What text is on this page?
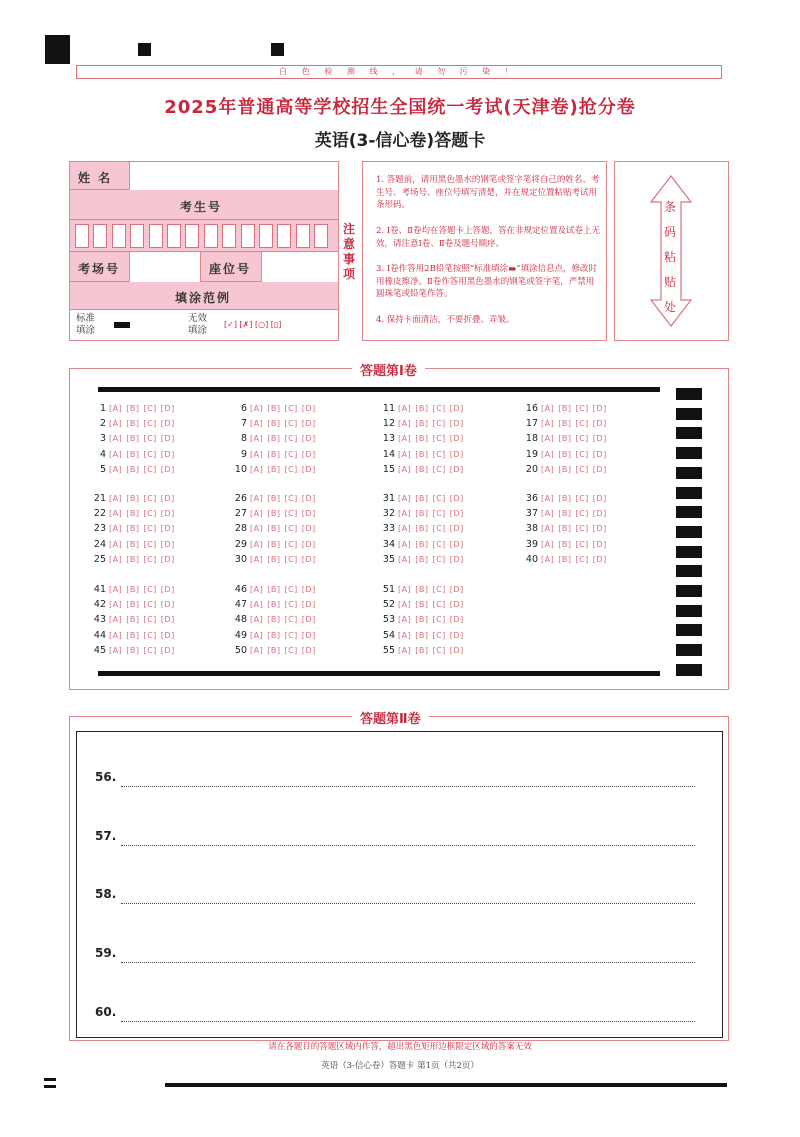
白 色 检 测 线 ， 请 勿 污 染 ！
2025年普通高等学校招生全国统一考试(天津卷)抢分卷
英语(3-信心卷)答题卡
姓 名
考生号
考场号	座位号
填涂范例
标准填涂
无效填涂
[✓] [✗] [○] [▯]
注意事项
1. 答题前，请用黑色墨水的钢笔或签字笔将自己的姓名、考生号、考场号、座位号填写清楚，并在规定位置粘贴考试用条形码。
2. Ⅰ卷、Ⅱ卷均在答题卡上答题，答在非规定位置及试卷上无效，请注意Ⅰ卷、Ⅱ卷及题号顺序。
3. Ⅰ卷作答用2B铅笔按照“标准填涂▬”填涂信息点，修改时用橡皮擦净。Ⅱ卷作答用黑色墨水的钢笔或签字笔，严禁用圆珠笔或铅笔作答。
4. 保持卡面清洁，不要折叠、弄皱。
条码粘贴处
答题第Ⅰ卷
1 [A] [B] [C] [D]
2 [A] [B] [C] [D]
3 [A] [B] [C] [D]
4 [A] [B] [C] [D]
5 [A] [B] [C] [D]
6 [A] [B] [C] [D]
7 [A] [B] [C] [D]
8 [A] [B] [C] [D]
9 [A] [B] [C] [D]
10 [A] [B] [C] [D]
11 [A] [B] [C] [D]
12 [A] [B] [C] [D]
13 [A] [B] [C] [D]
14 [A] [B] [C] [D]
15 [A] [B] [C] [D]
16 [A] [B] [C] [D]
17 [A] [B] [C] [D]
18 [A] [B] [C] [D]
19 [A] [B] [C] [D]
20 [A] [B] [C] [D]
21 [A] [B] [C] [D]
22 [A] [B] [C] [D]
23 [A] [B] [C] [D]
24 [A] [B] [C] [D]
25 [A] [B] [C] [D]
26 [A] [B] [C] [D]
27 [A] [B] [C] [D]
28 [A] [B] [C] [D]
29 [A] [B] [C] [D]
30 [A] [B] [C] [D]
31 [A] [B] [C] [D]
32 [A] [B] [C] [D]
33 [A] [B] [C] [D]
34 [A] [B] [C] [D]
35 [A] [B] [C] [D]
36 [A] [B] [C] [D]
37 [A] [B] [C] [D]
38 [A] [B] [C] [D]
39 [A] [B] [C] [D]
40 [A] [B] [C] [D]
41 [A] [B] [C] [D]
42 [A] [B] [C] [D]
43 [A] [B] [C] [D]
44 [A] [B] [C] [D]
45 [A] [B] [C] [D]
46 [A] [B] [C] [D]
47 [A] [B] [C] [D]
48 [A] [B] [C] [D]
49 [A] [B] [C] [D]
50 [A] [B] [C] [D]
51 [A] [B] [C] [D]
52 [A] [B] [C] [D]
53 [A] [B] [C] [D]
54 [A] [B] [C] [D]
55 [A] [B] [C] [D]
答题第Ⅱ卷
56.
57.
58.
59.
60.
请在各题目的答题区域内作答，超出黑色矩形边框限定区域的答案无效
英语（3-信心卷）答题卡 第1页（共2页）
